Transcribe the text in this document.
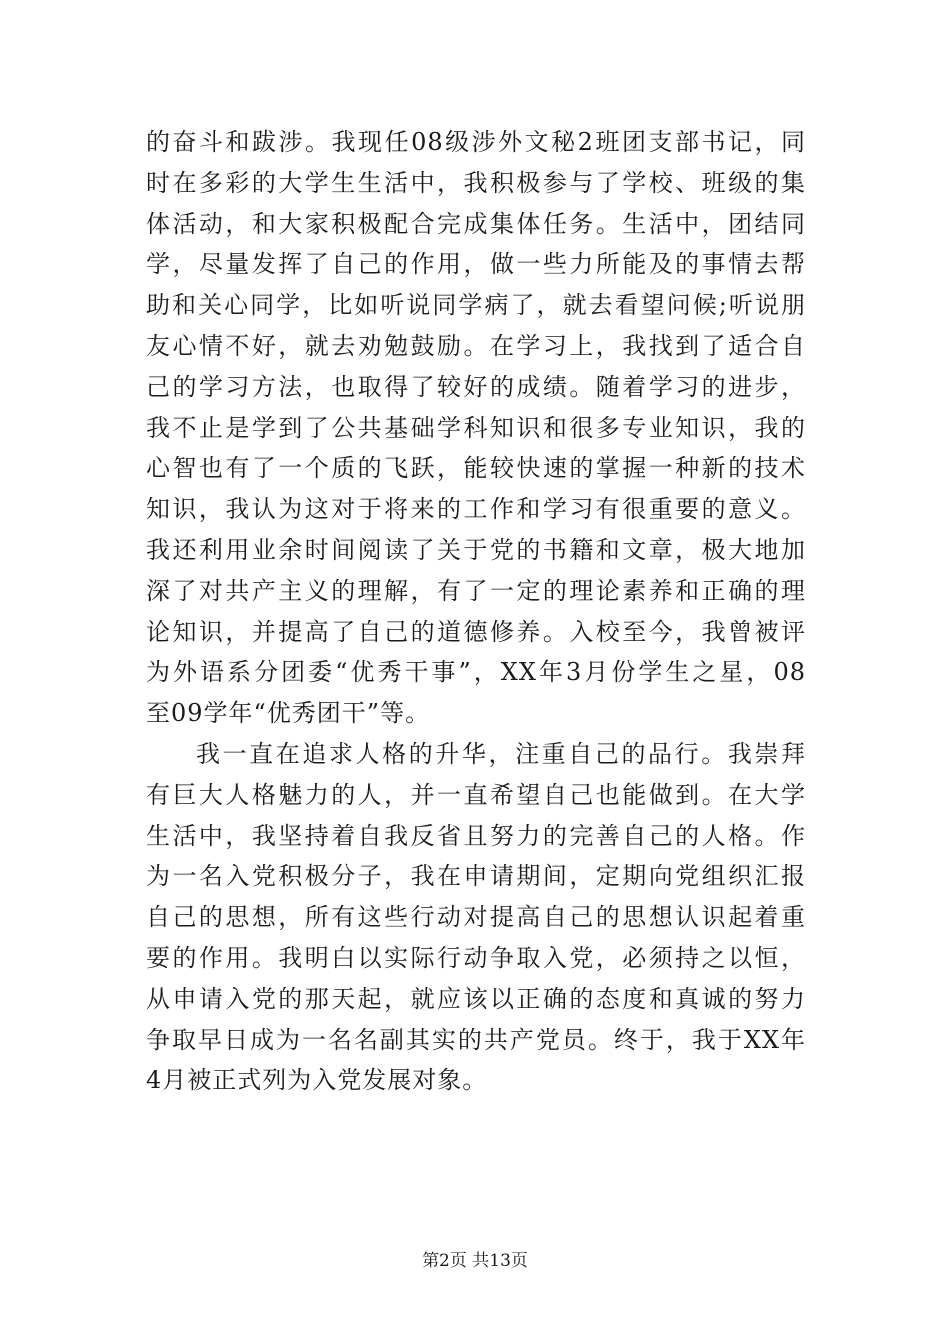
的奋斗和跋涉。我现任08级涉外文秘2班团支部书记，同
时在多彩的大学生生活中，我积极参与了学校、班级的集
体活动，和大家积极配合完成集体任务。生活中，团结同
学，尽量发挥了自己的作用，做一些力所能及的事情去帮
助和关心同学，比如听说同学病了，就去看望问候;听说朋
友心情不好，就去劝勉鼓励。在学习上，我找到了适合自
己的学习方法，也取得了较好的成绩。随着学习的进步，
我不止是学到了公共基础学科知识和很多专业知识，我的
心智也有了一个质的飞跃，能较快速的掌握一种新的技术
知识，我认为这对于将来的工作和学习有很重要的意义。
我还利用业余时间阅读了关于党的书籍和文章，极大地加
深了对共产主义的理解，有了一定的理论素养和正确的理
论知识，并提高了自己的道德修养。入校至今，我曾被评
为外语系分团委“优秀干事”，XX年3月份学生之星，08
至09学年“优秀团干”等。
我一直在追求人格的升华，注重自己的品行。我崇拜
有巨大人格魅力的人，并一直希望自己也能做到。在大学
生活中，我坚持着自我反省且努力的完善自己的人格。作
为一名入党积极分子，我在申请期间，定期向党组织汇报
自己的思想，所有这些行动对提高自己的思想认识起着重
要的作用。我明白以实际行动争取入党，必须持之以恒，
从申请入党的那天起，就应该以正确的态度和真诚的努力
争取早日成为一名名副其实的共产党员。终于，我于XX年
4月被正式列为入党发展对象。
第2页 共13页
